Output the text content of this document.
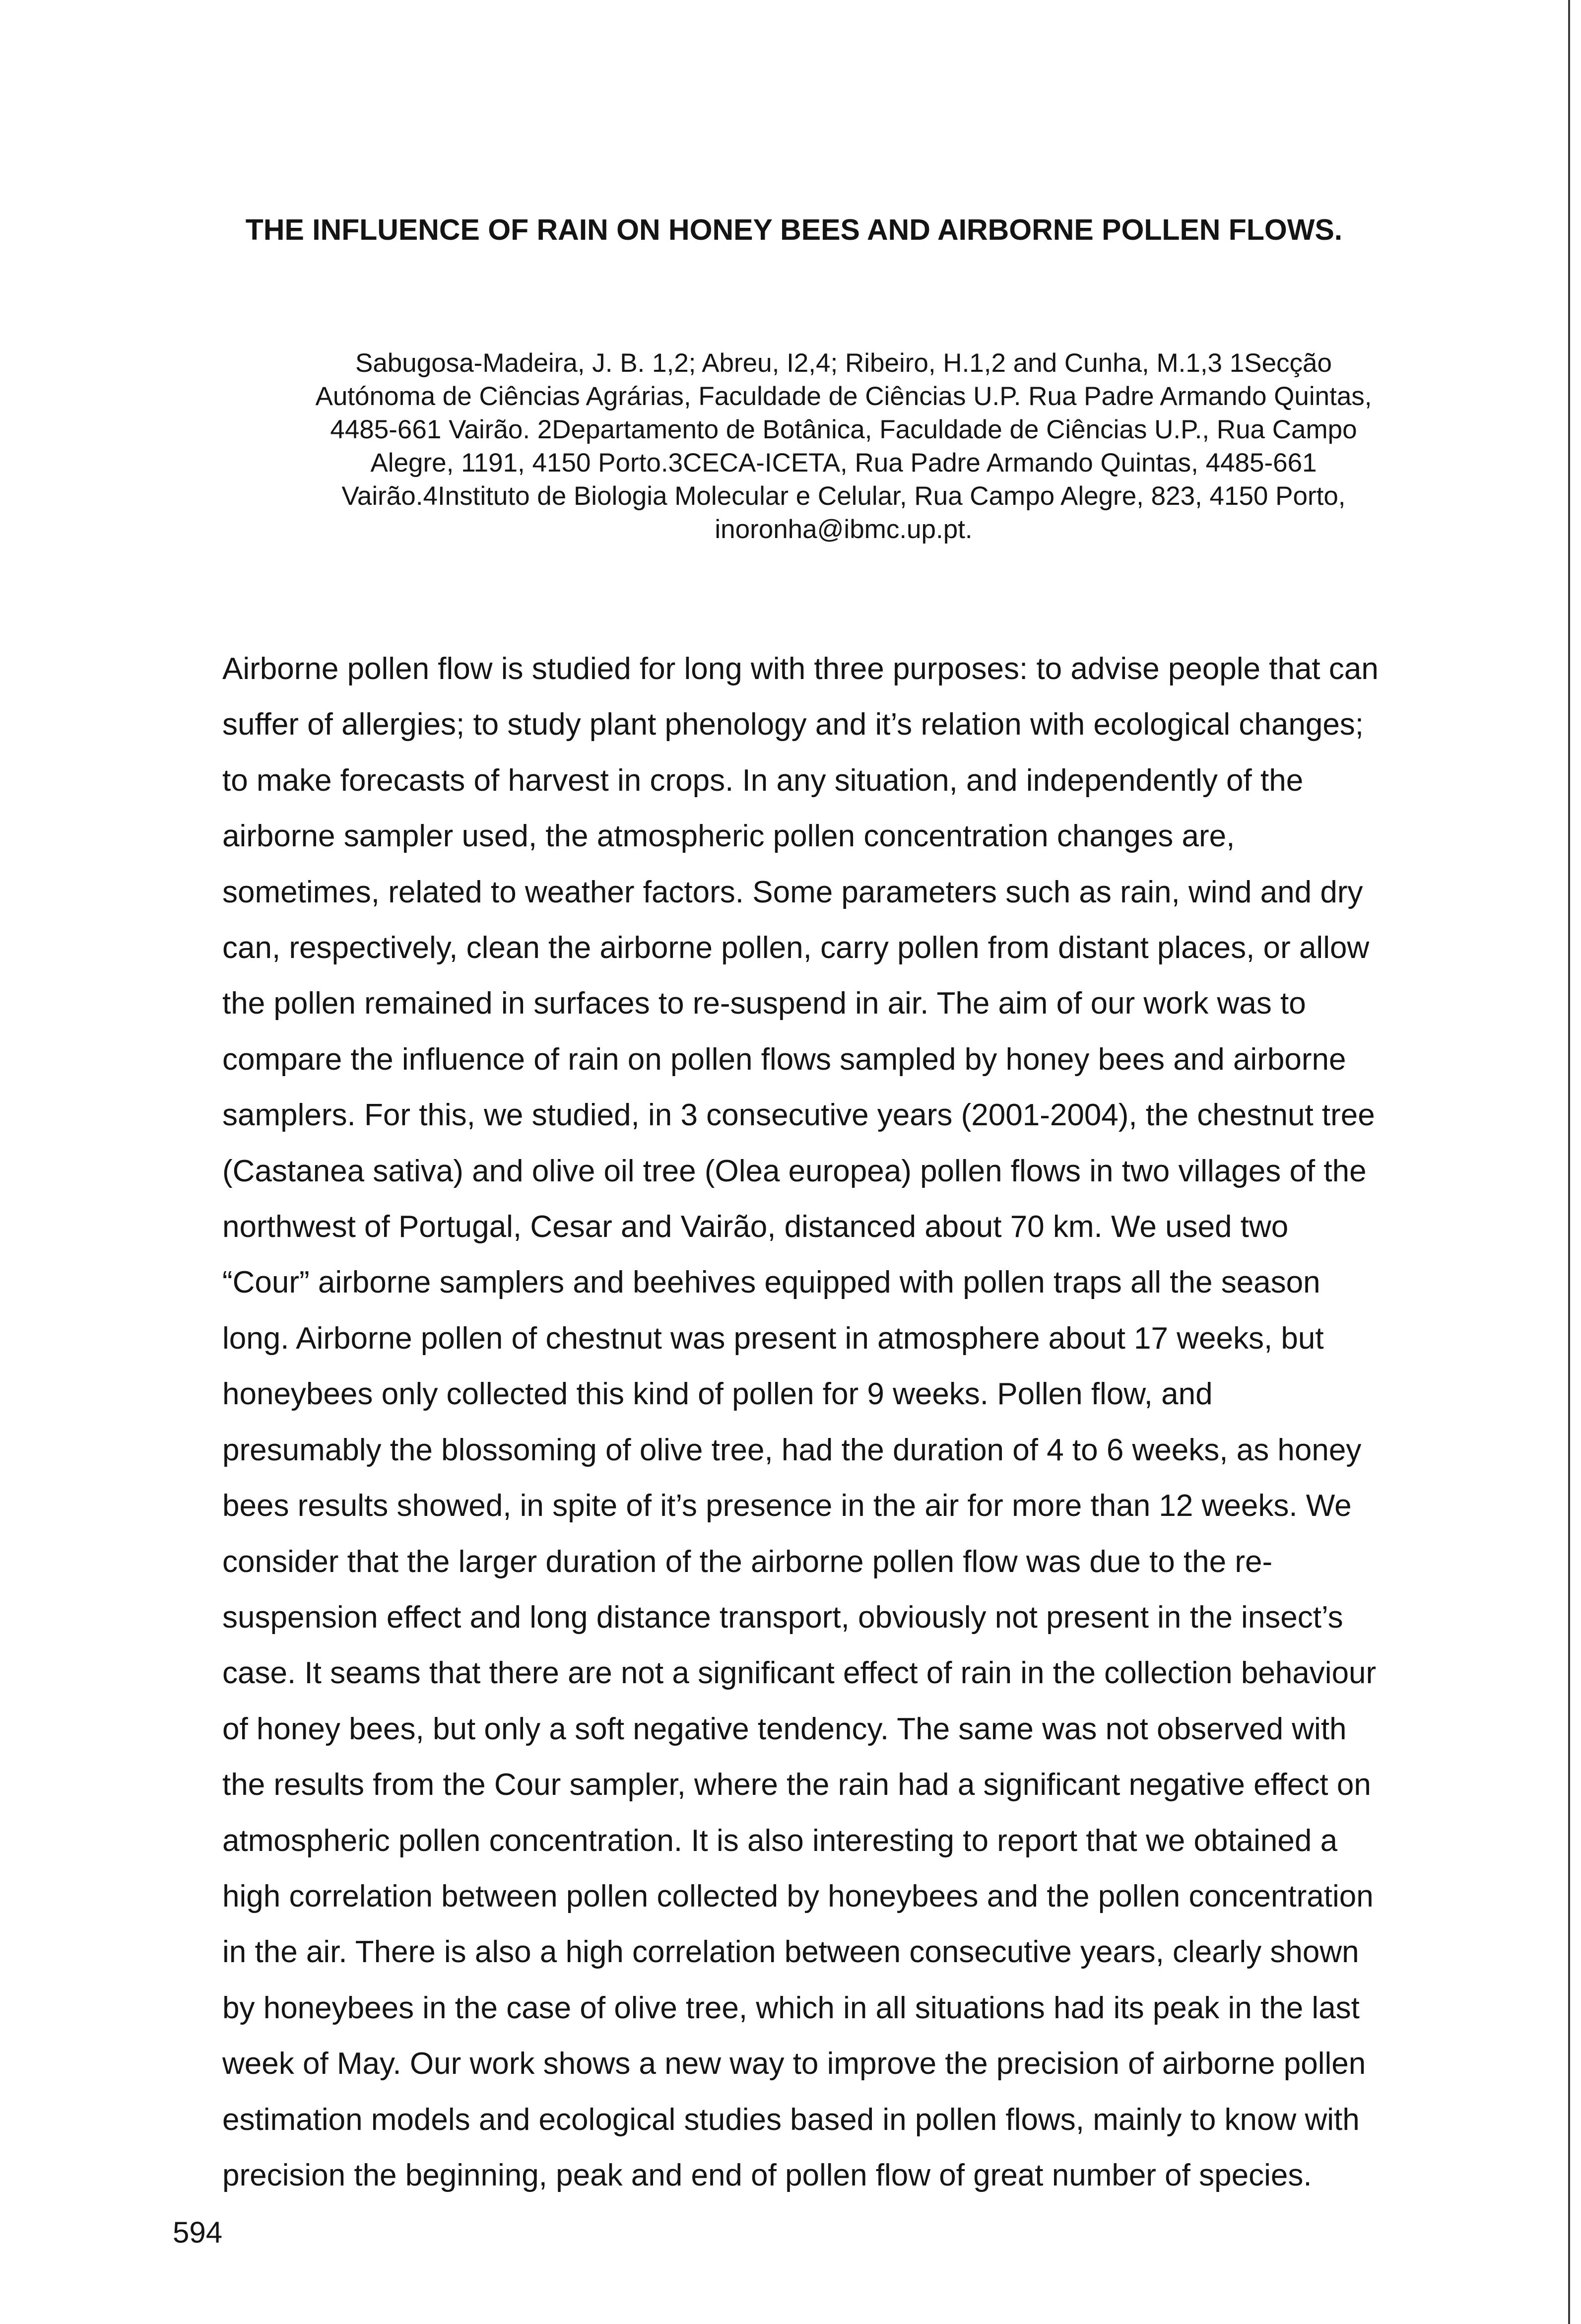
THE INFLUENCE OF RAIN ON HONEY BEES AND AIRBORNE POLLEN FLOWS.
Sabugosa-Madeira, J. B. 1,2; Abreu, I2,4; Ribeiro, H.1,2 and Cunha, M.1,3 1Secção
Autónoma de Ciências Agrárias, Faculdade de Ciências U.P. Rua Padre Armando Quintas,
4485-661 Vairão. 2Departamento de Botânica, Faculdade de Ciências U.P., Rua Campo
Alegre, 1191, 4150 Porto.3CECA-ICETA, Rua Padre Armando Quintas, 4485-661
Vairão.4Instituto de Biologia Molecular e Celular, Rua Campo Alegre, 823, 4150 Porto,
inoronha@ibmc.up.pt.
Airborne pollen flow is studied for long with three purposes: to advise people that can
suffer of allergies; to study plant phenology and it’s relation with ecological changes;
to make forecasts of harvest in crops. In any situation, and independently of the
airborne sampler used, the atmospheric pollen concentration changes are,
sometimes, related to weather factors. Some parameters such as rain, wind and dry
can, respectively, clean the airborne pollen, carry pollen from distant places, or allow
the pollen remained in surfaces to re-suspend in air. The aim of our work was to
compare the influence of rain on pollen flows sampled by honey bees and airborne
samplers. For this, we studied, in 3 consecutive years (2001-2004), the chestnut tree
(Castanea sativa) and olive oil tree (Olea europea) pollen flows in two villages of the
northwest of Portugal, Cesar and Vairão, distanced about 70 km. We used two
“Cour” airborne samplers and beehives equipped with pollen traps all the season
long. Airborne pollen of chestnut was present in atmosphere about 17 weeks, but
honeybees only collected this kind of pollen for 9 weeks. Pollen flow, and
presumably the blossoming of olive tree, had the duration of 4 to 6 weeks, as honey
bees results showed, in spite of it’s presence in the air for more than 12 weeks. We
consider that the larger duration of the airborne pollen flow was due to the re-
suspension effect and long distance transport, obviously not present in the insect’s
case. It seams that there are not a significant effect of rain in the collection behaviour
of honey bees, but only a soft negative tendency. The same was not observed with
the results from the Cour sampler, where the rain had a significant negative effect on
atmospheric pollen concentration. It is also interesting to report that we obtained a
high correlation between pollen collected by honeybees and the pollen concentration
in the air. There is also a high correlation between consecutive years, clearly shown
by honeybees in the case of olive tree, which in all situations had its peak in the last
week of May. Our work shows a new way to improve the precision of airborne pollen
estimation models and ecological studies based in pollen flows, mainly to know with
precision the beginning, peak and end of pollen flow of great number of species.
594
